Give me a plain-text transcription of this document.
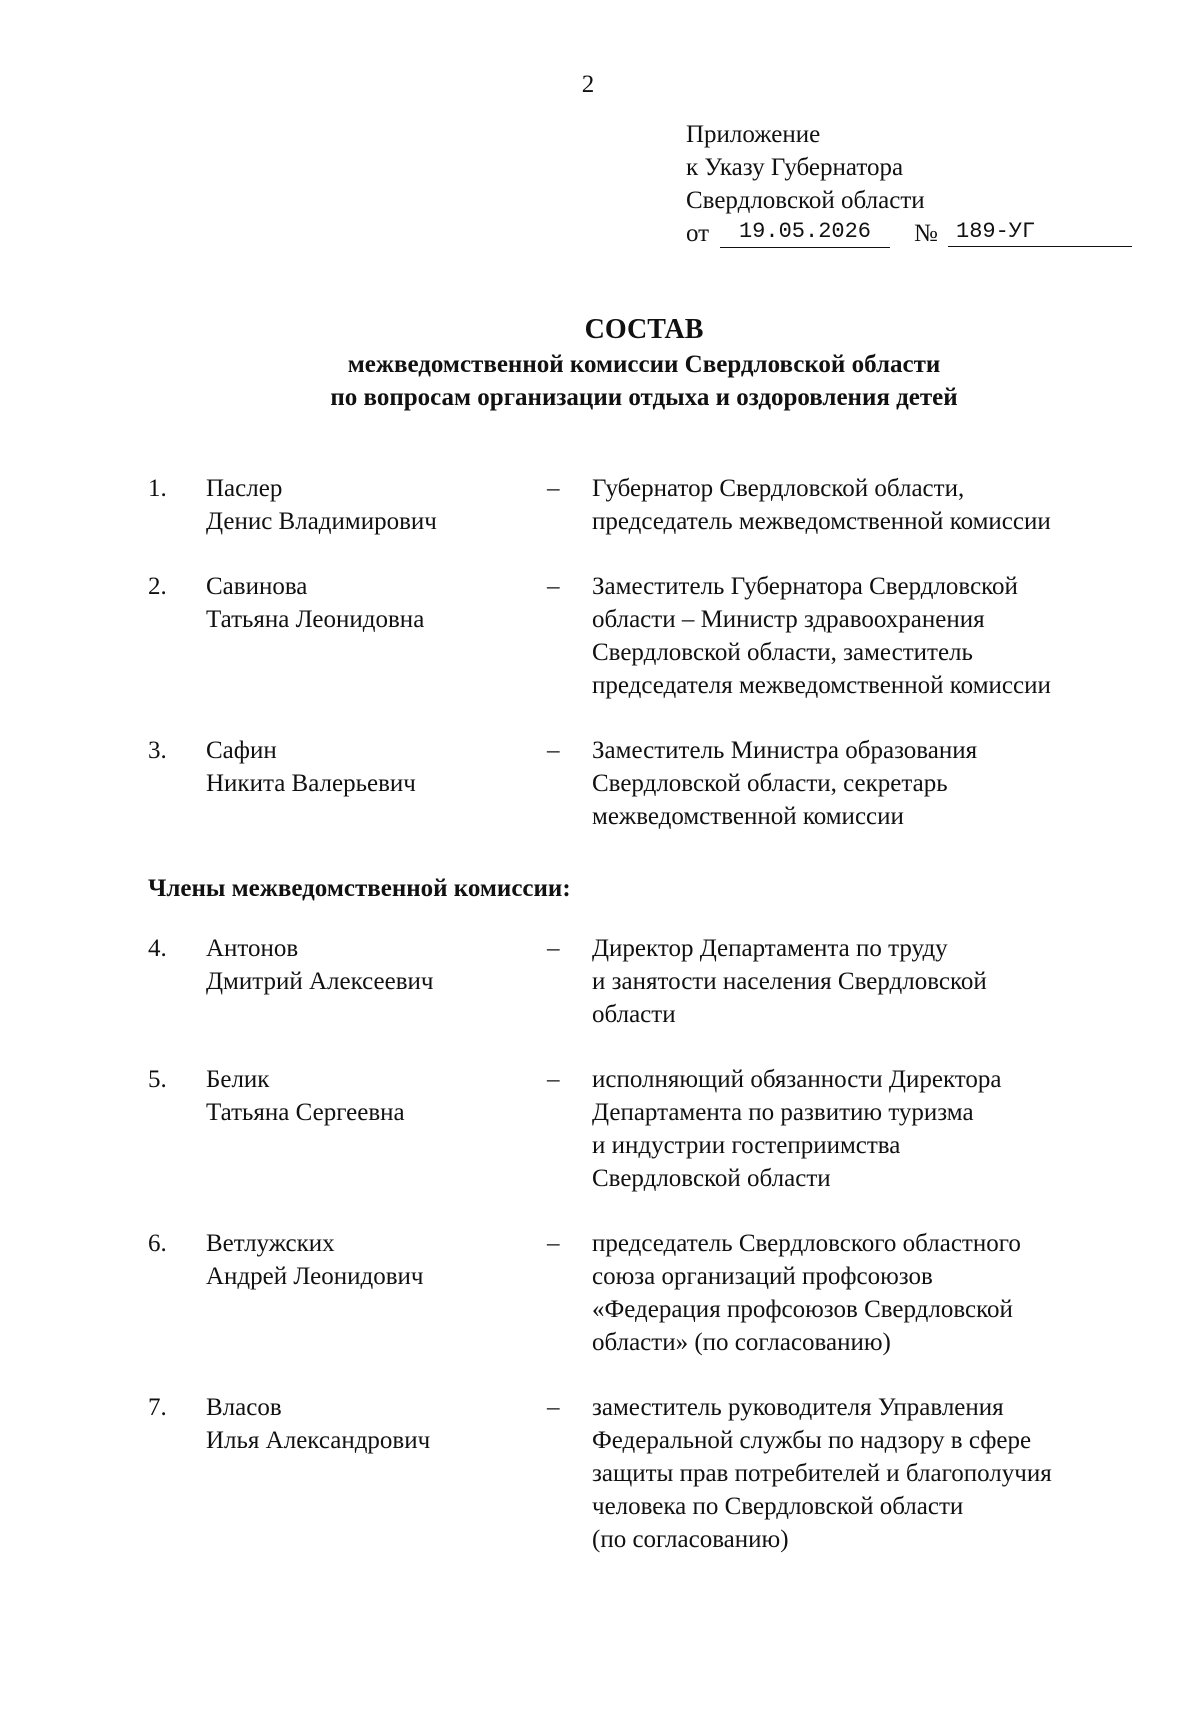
2
Приложение
к Указу Губернатора
Свердловской области
от	19.05.2026	№ 189-УГ
СОСТАВ
межведомственной комиссии Свердловской области
по вопросам организации отдыха и оздоровления детей
1. Паслер
Денис Владимирович
– Губернатор Свердловской области,
председатель межведомственной комиссии
2. Савинова
Татьяна Леонидовна
– Заместитель Губернатора Свердловской
области – Министр здравоохранения
Свердловской области, заместитель
председателя межведомственной комиссии
3. Сафин
Никита Валерьевич
– Заместитель Министра образования
Свердловской области, секретарь
межведомственной комиссии
Члены межведомственной комиссии:
4. Антонов
Дмитрий Алексеевич
– Директор Департамента по труду
и занятости населения Свердловской
области
5. Белик
Татьяна Сергеевна
– исполняющий обязанности Директора
Департамента по развитию туризма
и индустрии гостеприимства
Свердловской области
6. Ветлужских
Андрей Леонидович
– председатель Свердловского областного
союза организаций профсоюзов
«Федерация профсоюзов Свердловской
области» (по согласованию)
7. Власов
Илья Александрович
– заместитель руководителя Управления
Федеральной службы по надзору в сфере
защиты прав потребителей и благополучия
человека по Свердловской области
(по согласованию)
